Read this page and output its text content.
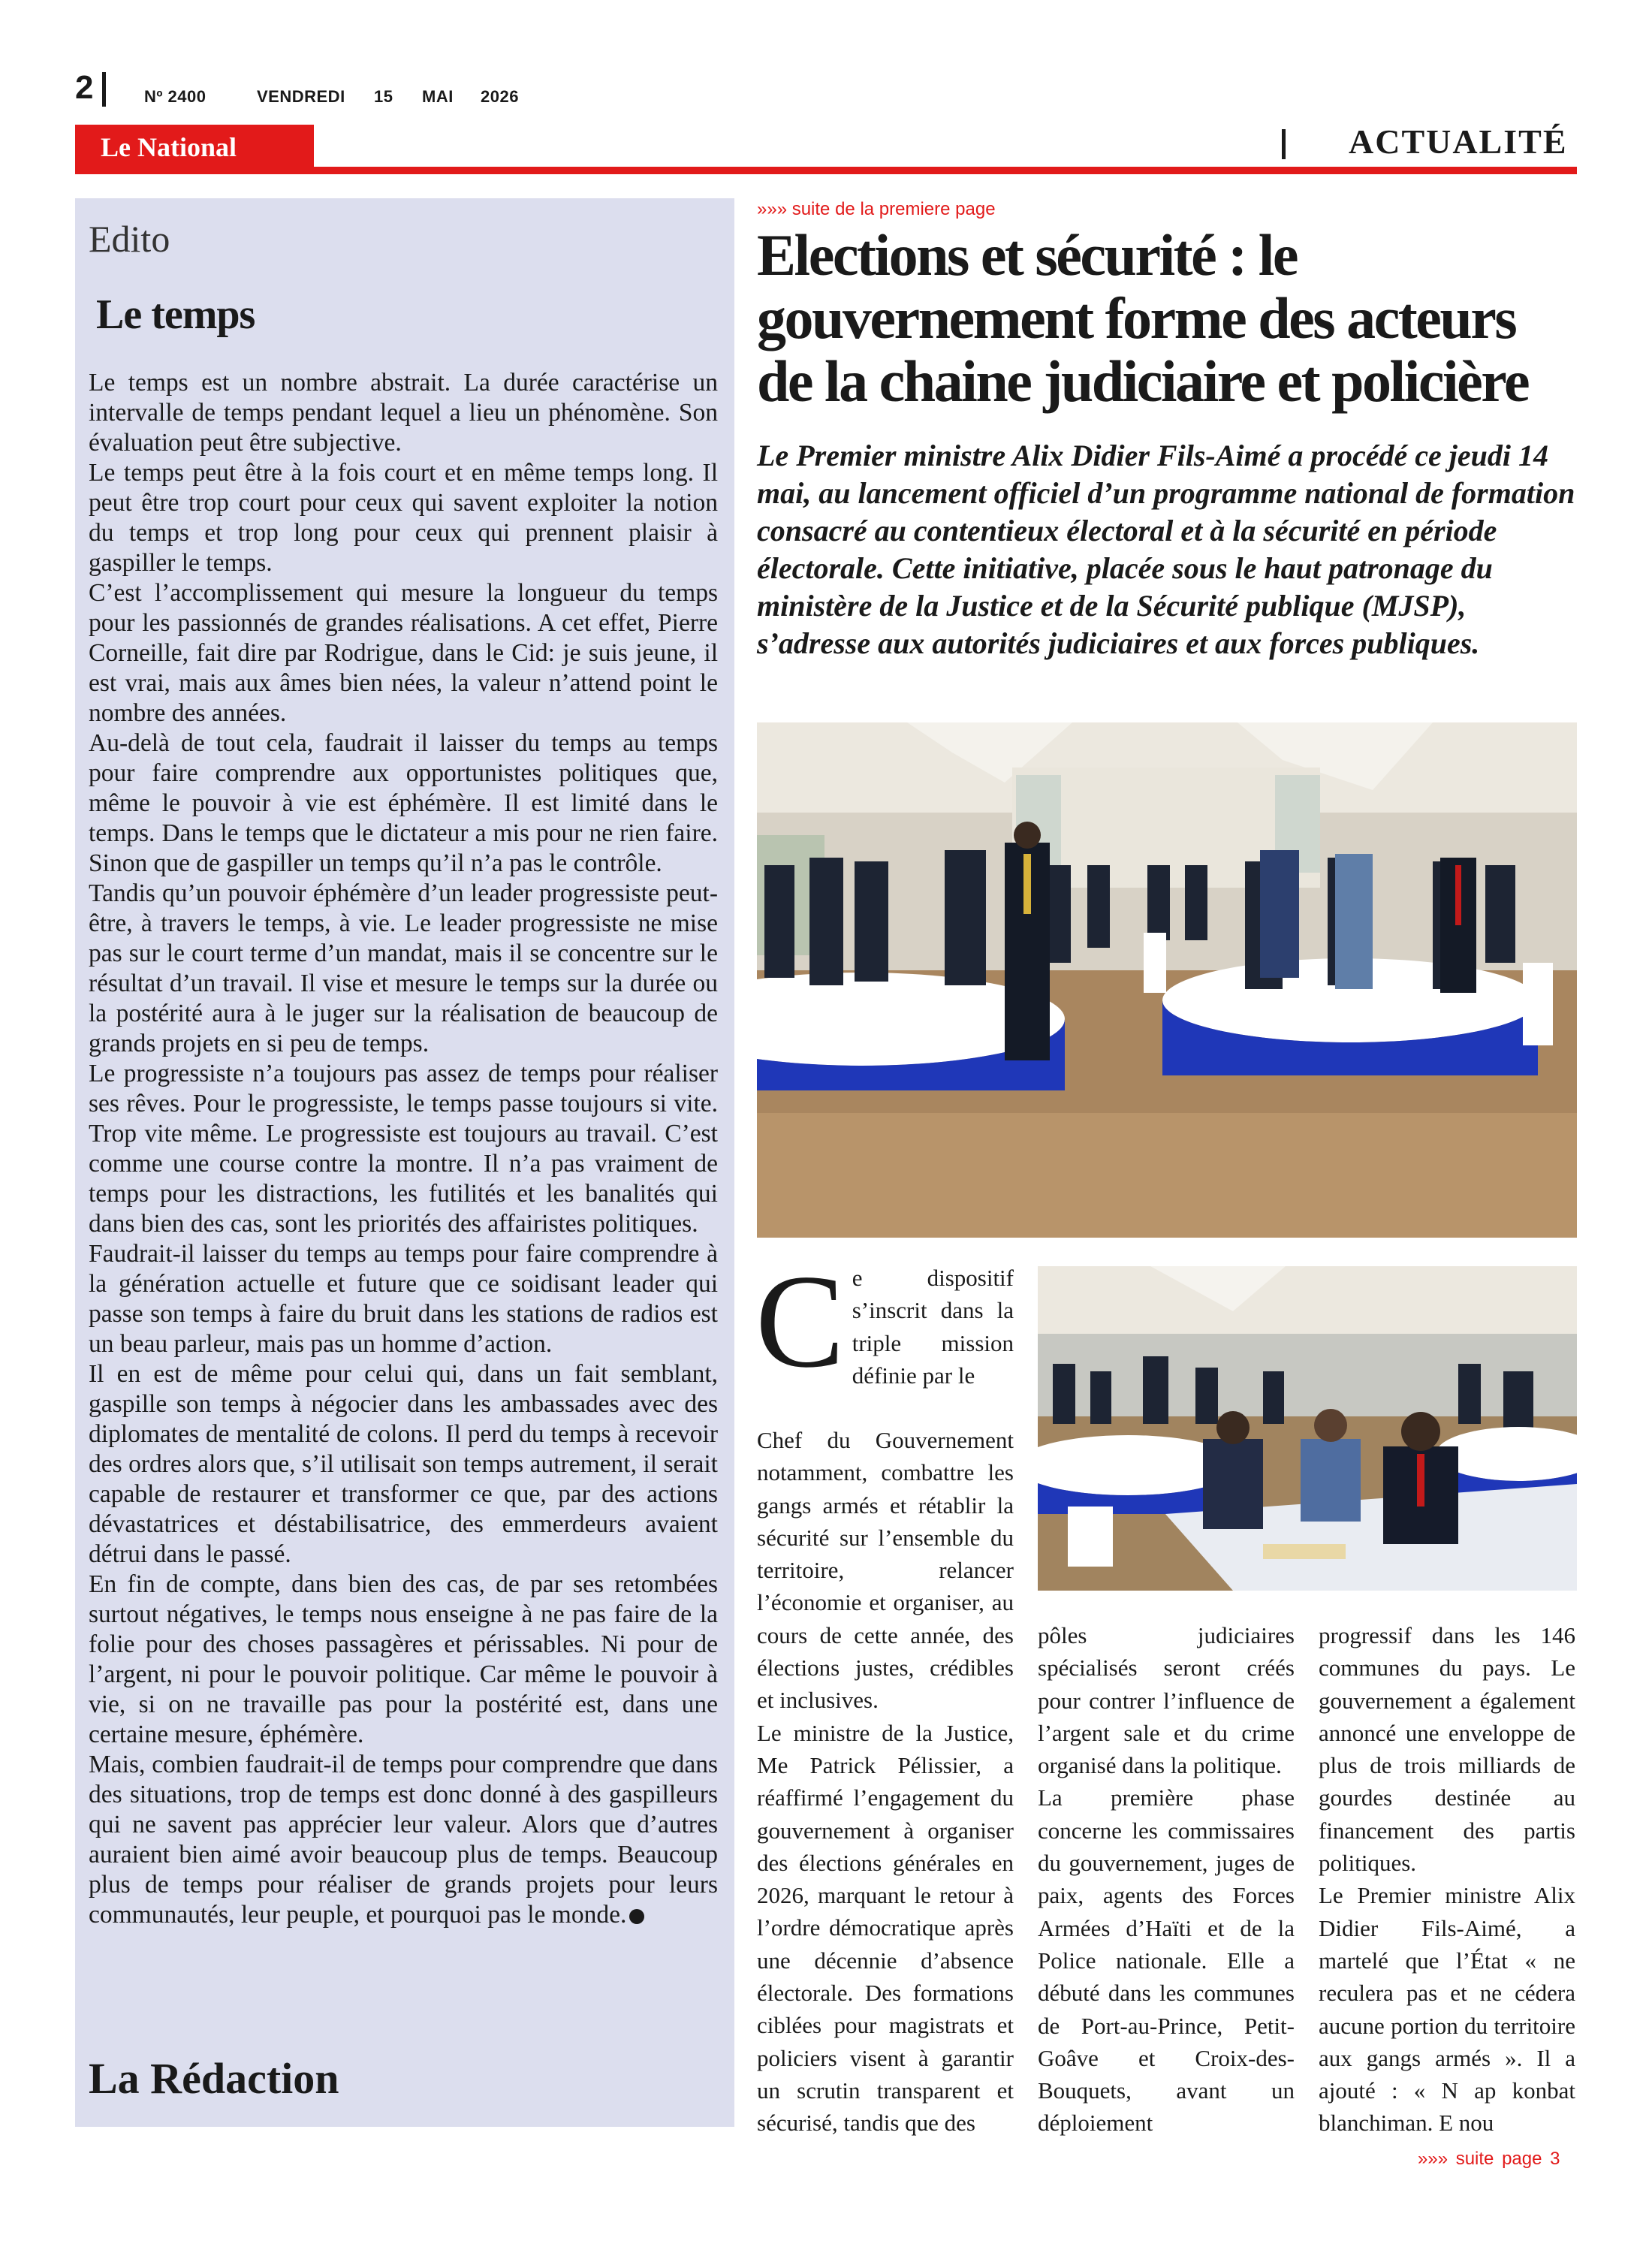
2	Nº 2400	VENDREDI 15 MAI 2026
Le National	ACTUALITÉ
Edito
Le temps

Le temps est un nombre abstrait. La durée caractérise un intervalle de temps pendant lequel a lieu un phénomène. Son évaluation peut être subjective.

Le temps peut être à la fois court et en même temps long. Il peut être trop court pour ceux qui savent exploiter la notion du temps et trop long pour ceux qui prennent plaisir à gaspiller le temps.

C’est l’accomplissement qui mesure la longueur du temps pour les passionnés de grandes réalisations. A cet effet, Pierre Corneille, fait dire par Rodrigue, dans le Cid: je suis jeune, il est vrai, mais aux âmes bien nées, la valeur n’attend point le nombre des années.

Au-delà de tout cela, faudrait il laisser du temps au temps pour faire comprendre aux opportunistes politiques que, même le pouvoir à vie est éphémère. Il est limité dans le temps. Dans le temps que le dictateur a mis pour ne rien faire. Sinon que de gaspiller un temps qu’il n’a pas le contrôle.

Tandis qu’un pouvoir éphémère d’un leader progressiste peut-être, à travers le temps, à vie. Le leader progressiste ne mise pas sur le court terme d’un mandat, mais il se concentre sur le résultat d’un travail. Il vise et mesure le temps sur la durée ou la postérité aura à le juger sur la réalisation de beaucoup de grands projets en si peu de temps.

Le progressiste n’a toujours pas assez de temps pour réaliser ses rêves. Pour le progressiste, le temps passe toujours si vite. Trop vite même. Le progressiste est toujours au travail. C’est comme une course contre la montre. Il n’a pas vraiment de temps pour les distractions, les futilités et les banalités qui dans bien des cas, sont les priorités des affairistes politiques.

Faudrait-il laisser du temps au temps pour faire comprendre à la génération actuelle et future que ce soidisant leader qui passe son temps à faire du bruit dans les stations de radios est un beau parleur, mais pas un homme d’action.

Il en est de même pour celui qui, dans un fait semblant, gaspille son temps à négocier dans les ambassades avec des diplomates de mentalité de colons. Il perd du temps à recevoir des ordres alors que, s’il utilisait son temps autrement, il serait capable de restaurer et transformer ce que, par des actions dévastatrices et déstabilisatrice, des emmerdeurs avaient détrui dans le passé.

En fin de compte, dans bien des cas, de par ses retombées surtout négatives, le temps nous enseigne à ne pas faire de la folie pour des choses passagères et périssables. Ni pour de l’argent, ni pour le pouvoir politique. Car même le pouvoir à vie, si on ne travaille pas pour la postérité est, dans une certaine mesure, éphémère.

Mais, combien faudrait-il de temps pour comprendre que dans des situations, trop de temps est donc donné à des gaspilleurs qui ne savent pas apprécier leur valeur. Alors que d’autres auraient bien aimé avoir beaucoup plus de temps. Beaucoup plus de temps pour réaliser de grands projets pour leurs communautés, leur peuple, et pourquoi pas le monde.

La Rédaction
»»» suite de la premiere page
Elections et sécurité : le gouvernement forme des acteurs de la chaine judiciaire et policière

Le Premier ministre Alix Didier Fils-Aimé a procédé ce jeudi 14 mai, au lancement officiel d’un programme national de formation consacré au contentieux électoral et à la sécurité en période électorale. Cette initiative, placée sous le haut patronage du ministère de la Justice et de la Sécurité publique (MJSP), s’adresse aux autorités judiciaires et aux forces publiques.

C e dispositif s’inscrit dans la triple mission définie par le

Chef du Gouvernement notamment, combattre les gangs armés et rétablir la sécurité sur l’ensemble du territoire, relancer l’économie et organiser, au cours de cette année, des élections justes, crédibles et inclusives.

Le ministre de la Justice, Me Patrick Pélissier, a réaffirmé l’engagement du gouvernement à organiser des élections générales en 2026, marquant le retour à l’ordre démocratique après une décennie d’absence électorale. Des formations ciblées pour magistrats et policiers visent à garantir un scrutin transparent et sécurisé, tandis que des

pôles judiciaires spécialisés seront créés pour contrer l’influence de l’argent sale et du crime organisé dans la politique.

La première phase concerne les commissaires du gouvernement, juges de paix, agents des Forces Armées d’Haïti et de la Police nationale. Elle a débuté dans les communes de Port-au-Prince, Petit-Goâve et Croix-des-Bouquets, avant un déploiement

progressif dans les 146 communes du pays. Le gouvernement a également annoncé une enveloppe de plus de trois milliards de gourdes destinée au financement des partis politiques.

Le Premier ministre Alix Didier Fils-Aimé, a martelé que l’État « ne reculera pas et ne cédera aucune portion du territoire aux gangs armés ». Il a ajouté : « N ap konbat blanchiman. E nou

»»» suite page 3
